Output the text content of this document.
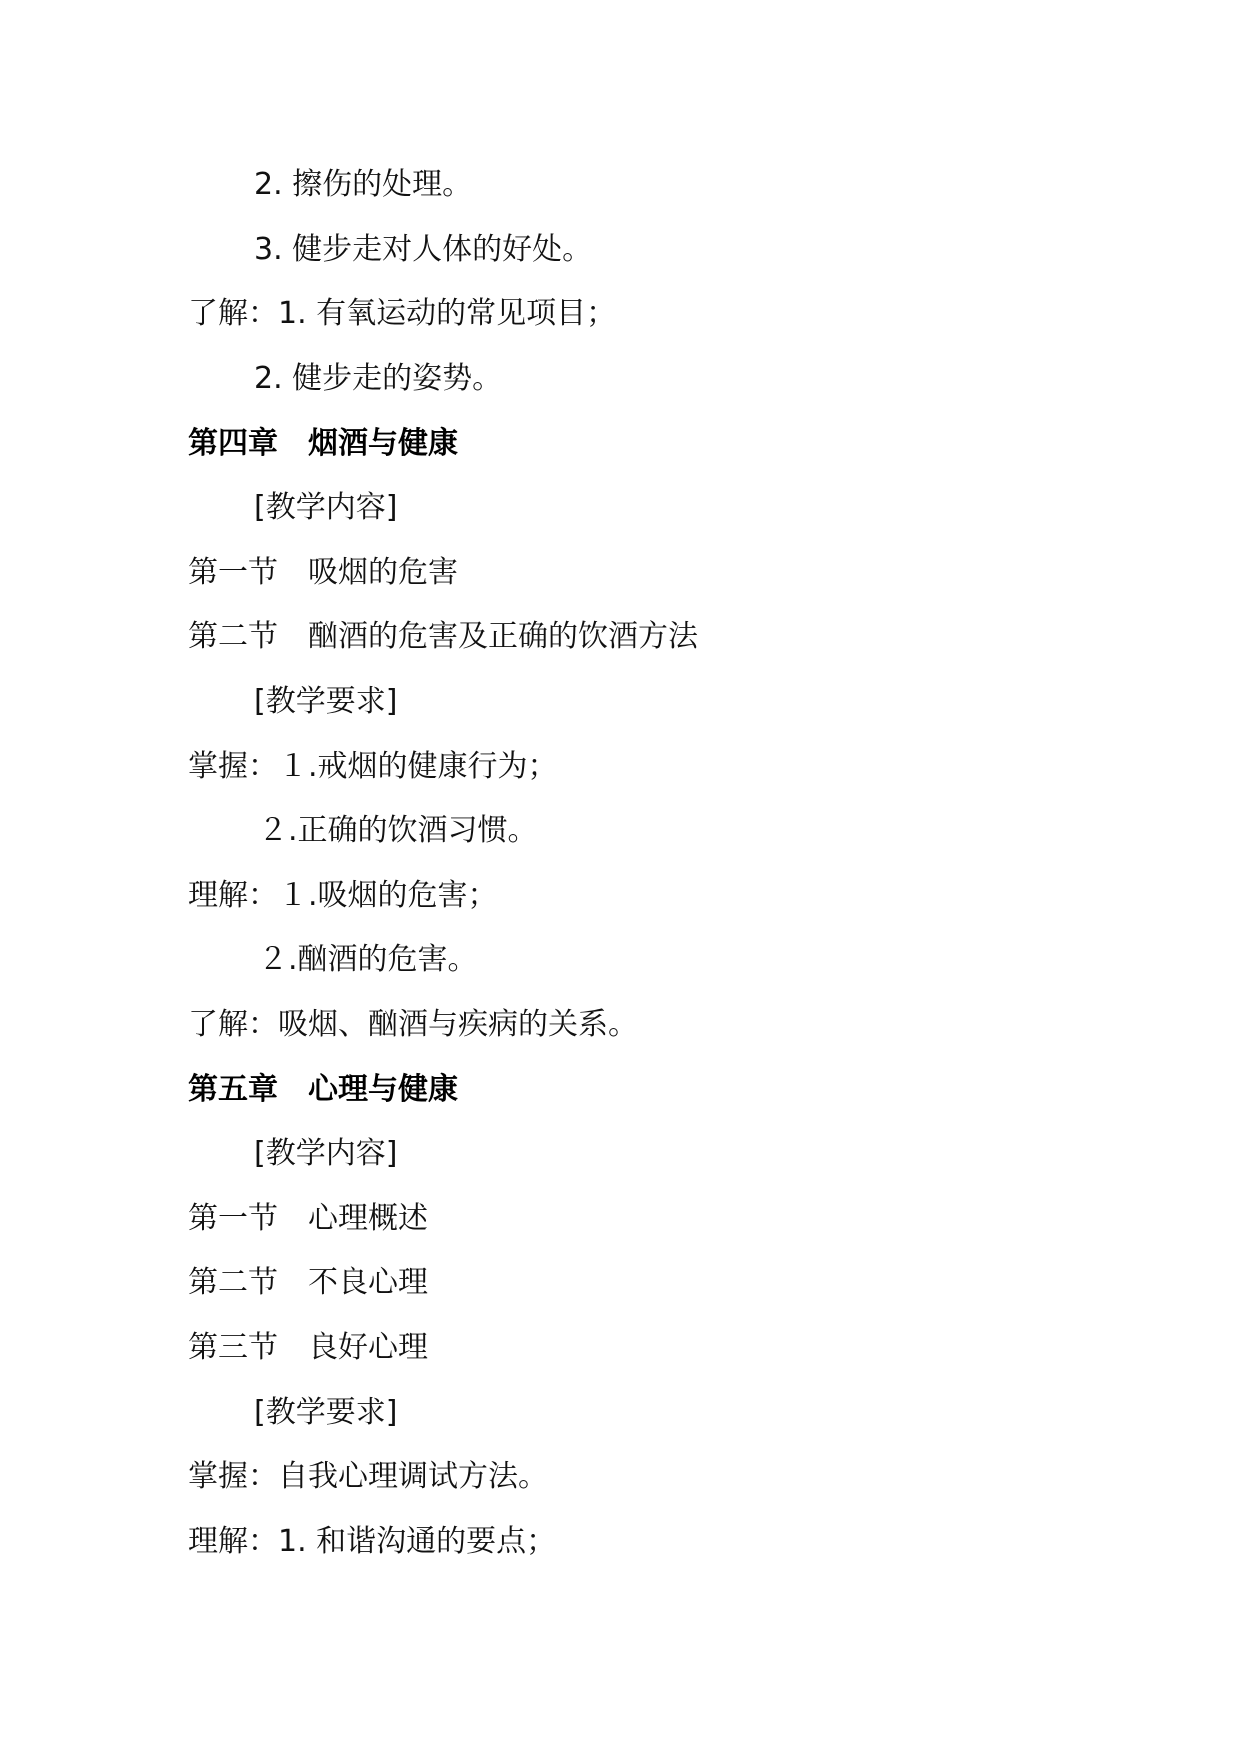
2. 擦伤的处理。
3. 健步走对人体的好处。
了解：1. 有氧运动的常见项目；
2. 健步走的姿势。
第四章　烟酒与健康
[教学内容]
第一节　吸烟的危害
第二节　酗酒的危害及正确的饮酒方法
[教学要求]
掌握：１.戒烟的健康行为；
２.正确的饮酒习惯。
理解：１.吸烟的危害；
２.酗酒的危害。
了解：吸烟、酗酒与疾病的关系。
第五章　心理与健康
[教学内容]
第一节　心理概述
第二节　不良心理
第三节　良好心理
[教学要求]
掌握：自我心理调试方法。
理解：1. 和谐沟通的要点；
